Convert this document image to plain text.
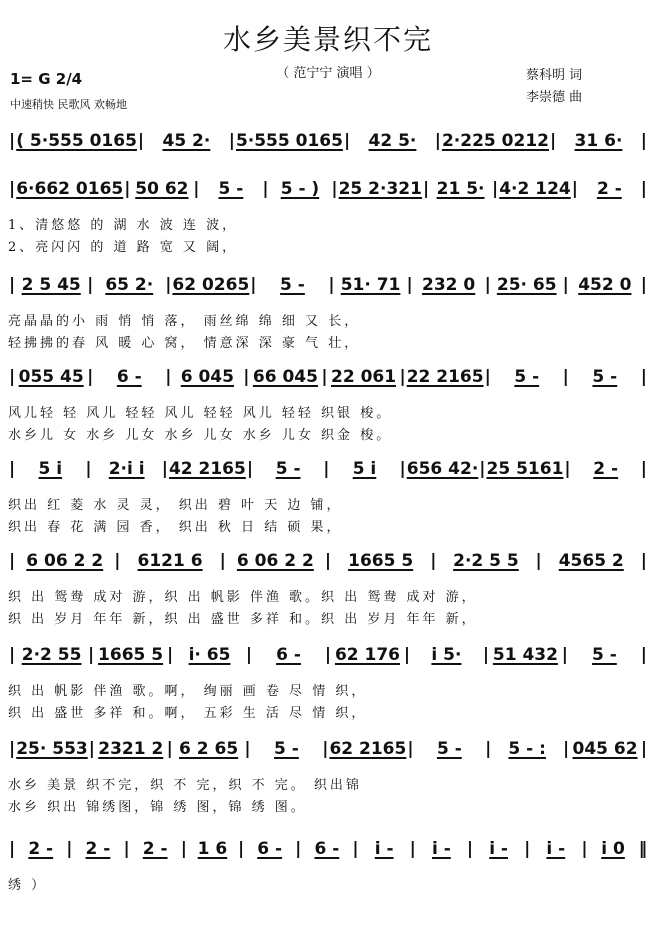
水乡美景织不完
（ 范宁宁 演唱 ）
1= G 2/4
中速稍快 民歌风 欢畅地
蔡科明 词
李崇德 曲
| ( 5·555 0165 |	45 2·	| 5·555 0165 |	42 5·	| 2·225 0212 |	31 6·	|
| 6·662 0165 | 50 62 |	5 -	| 5 - ) | 25 2·321 | 21 5· | 4·2 124 |	2 -	|
1、清悠悠 的 湖 水 波 连 波，
2、亮闪闪 的 道 路 宽 又 阔，
| 2 5 45 | 65 2· | 62 0265 |	5 -	| 51· 71 | 232 0 | 25· 65 | 452 0 |
亮晶晶的小 雨 悄 悄 落， 雨丝绵 绵 细 又 长，
轻拂拂的春 风 暖 心 窝， 情意深 深 豪 气 壮，
| 055 45 |	6 -	| 6 045 | 66 045 | 22 061 | 22 2165 |	5 -	|	5 -	|
风儿轻 轻 风儿 轻轻 风儿 轻轻 风儿 轻轻 织银 梭。
水乡儿 女 水乡 儿女 水乡 儿女 水乡 儿女 织金 梭。
|	5 i	|	2·i i	| 42 2165 |	5 -	|	5 i	| 656 42· | 25 5161 |	2 -	|
织出 红 菱 水 灵 灵， 织出 碧 叶 天 边 铺，
织出 春 花 满 园 香， 织出 秋 日 结 硕 果，
| 6 06 2 2 |	6121 6	| 6 06 2 2 |	1665 5	| 2·2 5 5 |	4565 2	|
织 出 鸳鸯 成对 游，织 出 帆影 伴渔 歌。织 出 鸳鸯 成对 游，
织 出 岁月 年年 新，织 出 盛世 多祥 和。织 出 岁月 年年 新，
| 2·2 55 | 1665 5 | i· 65 |	6 -	| 62 176 |	i 5·	| 51 432 |	5 -	|
织 出 帆影 伴渔 歌。啊， 绚丽 画 卷 尽 情 织，
织 出 盛世 多祥 和。啊， 五彩 生 活 尽 情 织，
| 25· 553 | 2321 2 | 6 2 65 |	5 -	| 62 2165 |	5 -	|	5 - :	| 045 62 |
水乡 美景 织不完，织 不 完，织 不 完。 织出锦
水乡 织出 锦绣图，锦 绣 图，锦 绣 图。
| 2 - | 2 - | 2 - | 1 6 | 6 - | 6 - | i - | i - | i - | i - | i 0 ‖
绣 ）
